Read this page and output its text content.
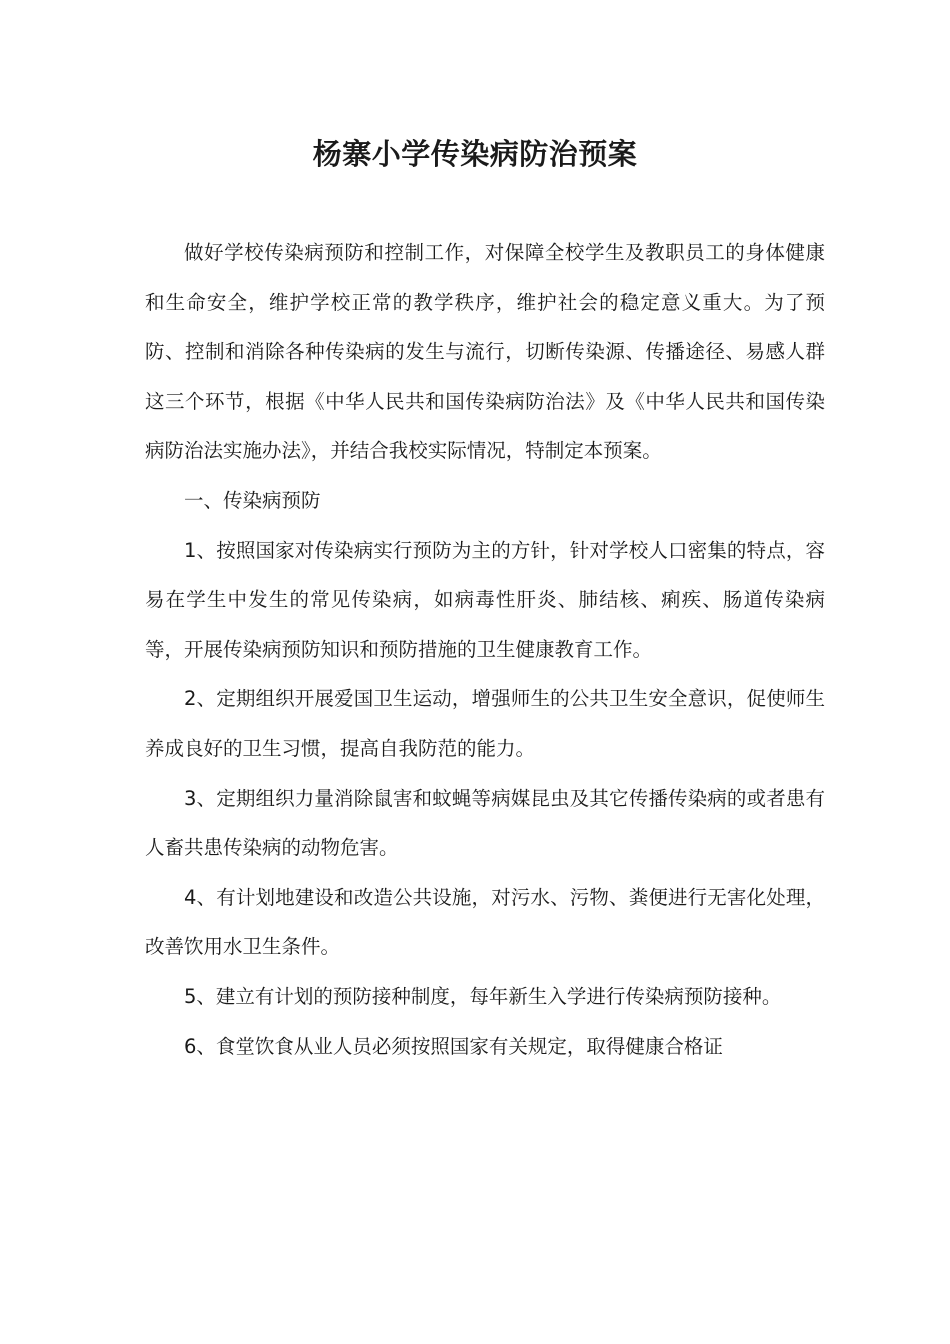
杨寨小学传染病防治预案

做好学校传染病预防和控制工作，对保障全校学生及教职员工的身体健康和生命安全，维护学校正常的教学秩序，维护社会的稳定意义重大。为了预防、控制和消除各种传染病的发生与流行，切断传染源、传播途径、易感人群这三个环节，根据《中华人民共和国传染病防治法》及《中华人民共和国传染病防治法实施办法》，并结合我校实际情况，特制定本预案。

一、传染病预防

1、按照国家对传染病实行预防为主的方针，针对学校人口密集的特点，容易在学生中发生的常见传染病，如病毒性肝炎、肺结核、痢疾、肠道传染病等，开展传染病预防知识和预防措施的卫生健康教育工作。

2、定期组织开展爱国卫生运动，增强师生的公共卫生安全意识，促使师生养成良好的卫生习惯，提高自我防范的能力。

3、定期组织力量消除鼠害和蚊蝇等病媒昆虫及其它传播传染病的或者患有人畜共患传染病的动物危害。

4、有计划地建设和改造公共设施，对污水、污物、粪便进行无害化处理，改善饮用水卫生条件。

5、建立有计划的预防接种制度，每年新生入学进行传染病预防接种。

6、食堂饮食从业人员必须按照国家有关规定，取得健康合格证
